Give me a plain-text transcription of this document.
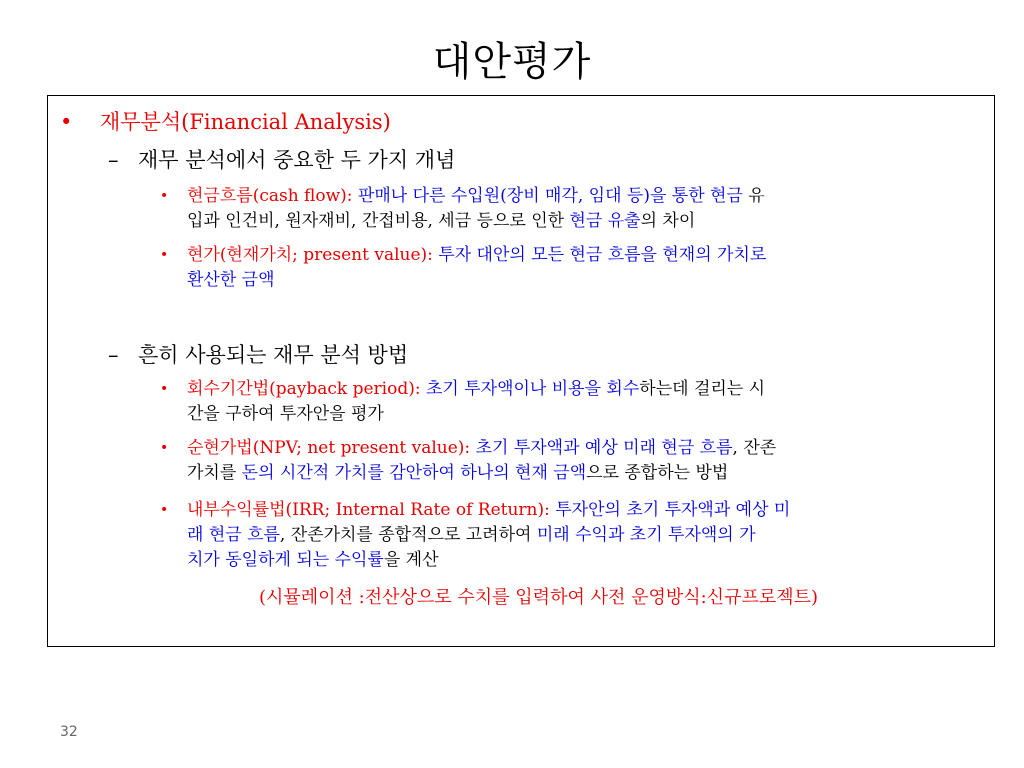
대안평가
• 재무분석(Financial Analysis)
– 재무 분석에서 중요한 두 가지 개념
• 현금흐름(cash flow): 판매나 다른 수입원(장비 매각, 임대 등)을 통한 현금 유
입과 인건비, 원자재비, 간접비용, 세금 등으로 인한 현금 유출의 차이
• 현가(현재가치; present value): 투자 대안의 모든 현금 흐름을 현재의 가치로
환산한 금액
– 흔히 사용되는 재무 분석 방법
• 회수기간법(payback period): 초기 투자액이나 비용을 회수하는데 걸리는 시
간을 구하여 투자안을 평가
• 순현가법(NPV; net present value): 초기 투자액과 예상 미래 현금 흐름, 잔존
가치를 돈의 시간적 가치를 감안하여 하나의 현재 금액으로 종합하는 방법
• 내부수익률법(IRR; Internal Rate of Return): 투자안의 초기 투자액과 예상 미
래 현금 흐름, 잔존가치를 종합적으로 고려하여 미래 수익과 초기 투자액의 가
치가 동일하게 되는 수익률을 계산
(시뮬레이션 :전산상으로 수치를 입력하여 사전 운영방식:신규프로젝트)
32
